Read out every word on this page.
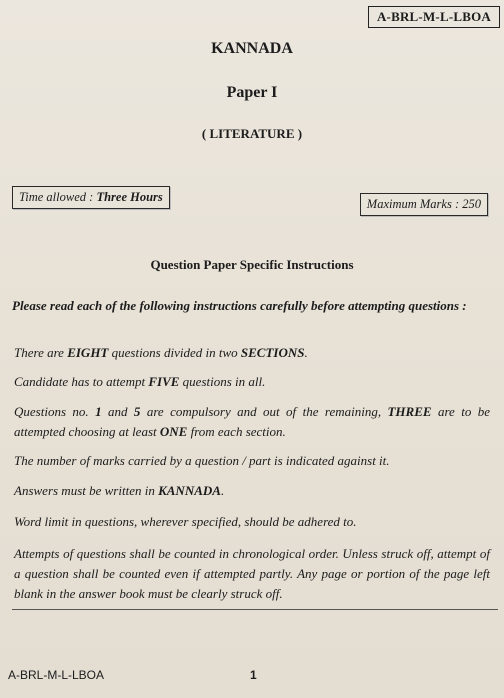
A-BRL-M-L-LBOA
KANNADA
Paper I
( LITERATURE )
Time allowed : Three Hours	Maximum Marks : 250
Question Paper Specific Instructions
Please read each of the following instructions carefully before attempting questions :
There are EIGHT questions divided in two SECTIONS.
Candidate has to attempt FIVE questions in all.
Questions no. 1 and 5 are compulsory and out of the remaining, THREE are to be attempted choosing at least ONE from each section.
The number of marks carried by a question / part is indicated against it.
Answers must be written in KANNADA.
Word limit in questions, wherever specified, should be adhered to.
Attempts of questions shall be counted in chronological order. Unless struck off, attempt of a question shall be counted even if attempted partly. Any page or portion of the page left blank in the answer book must be clearly struck off.
A-BRL-M-L-LBOA	1
